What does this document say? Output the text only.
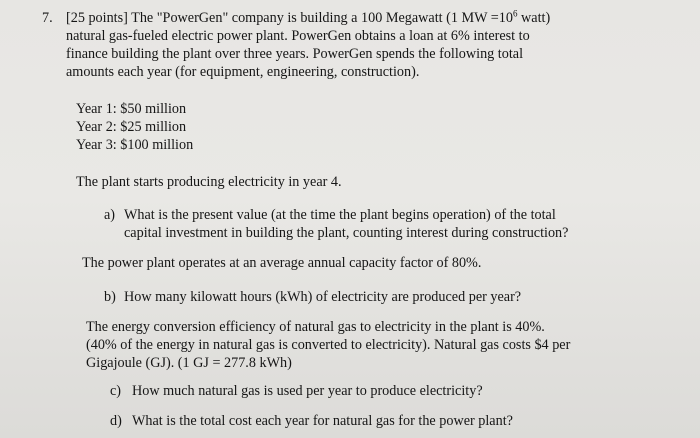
7. [25 points] The "PowerGen" company is building a 100 Megawatt (1 MW $=10^6$ watt)
natural gas-fueled electric power plant. PowerGen obtains a loan at 6% interest to
finance building the plant over three years. PowerGen spends the following total
amounts each year (for equipment, engineering, construction).
Year 1: $50 million
Year 2: $25 million
Year 3: $100 million
The plant starts producing electricity in year 4.
a) What is the present value (at the time the plant begins operation) of the total
capital investment in building the plant, counting interest during construction?
The power plant operates at an average annual capacity factor of 80%.
b) How many kilowatt hours (kWh) of electricity are produced per year?
The energy conversion efficiency of natural gas to electricity in the plant is 40%.
(40% of the energy in natural gas is converted to electricity). Natural gas costs $4 per
Gigajoule (GJ). (1 GJ = 277.8 kWh)
c) How much natural gas is used per year to produce electricity?
d) What is the total cost each year for natural gas for the power plant?
